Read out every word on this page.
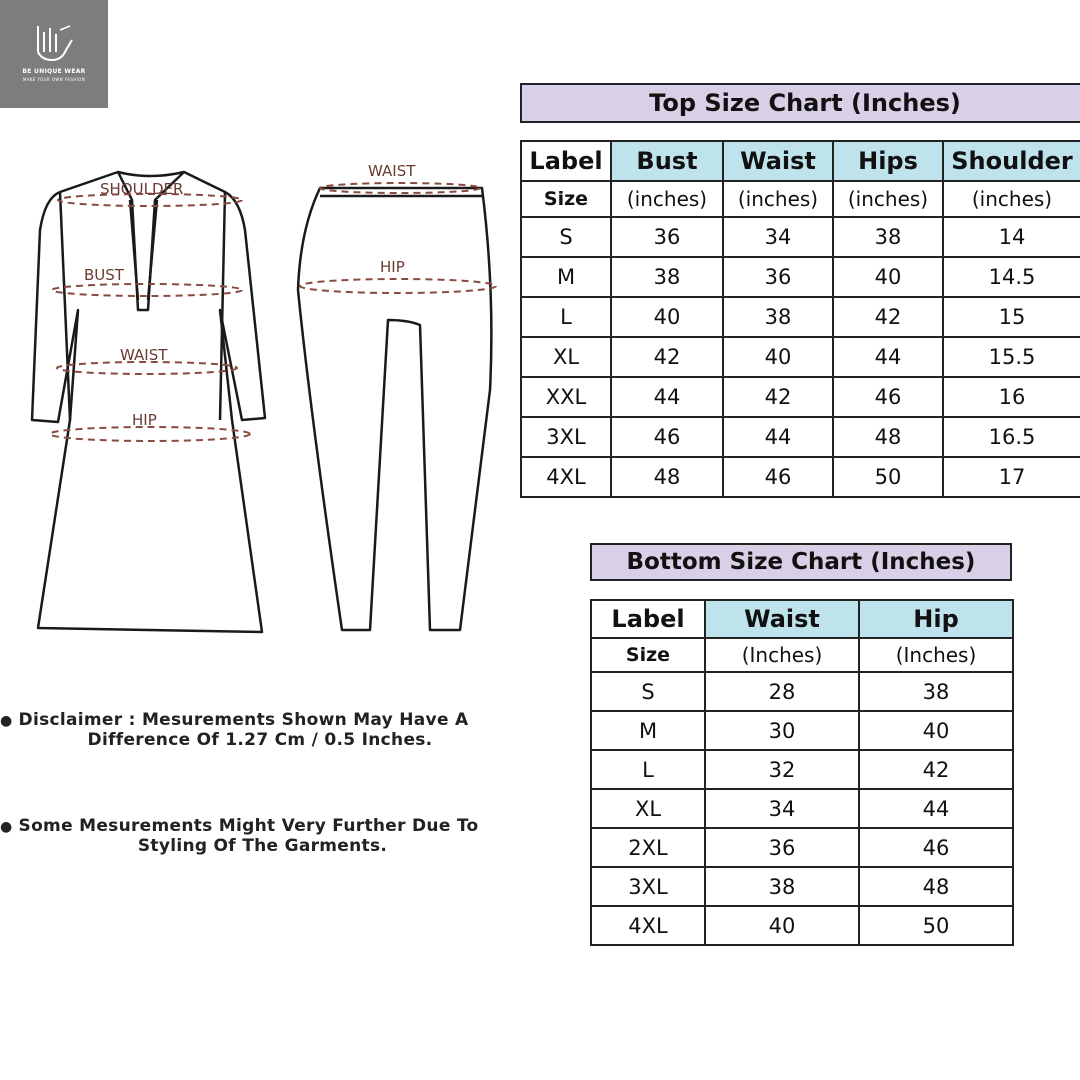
BE UNIQUE WEAR
MAKE YOUR OWN FASHION
SHOULDER
BUST
WAIST
HIP
WAIST
HIP
Top Size Chart (Inches)
Label	Bust	Waist	Hips	Shoulder
Size	(inches)	(inches)	(inches)	(inches)
S	36	34	38	14
M	38	36	40	14.5
L	40	38	42	15
XL	42	40	44	15.5
XXL	44	42	46	16
3XL	46	44	48	16.5
4XL	48	46	50	17
Bottom Size Chart (Inches)
Label	Waist	Hip
Size	(Inches)	(Inches)
S	28	38
M	30	40
L	32	42
XL	34	44
2XL	36	46
3XL	38	48
4XL	40	50
● Disclaimer : Mesurements Shown May Have A
Difference Of 1.27 Cm / 0.5 Inches.
● Some Mesurements Might Very Further Due To
Styling Of The Garments.
